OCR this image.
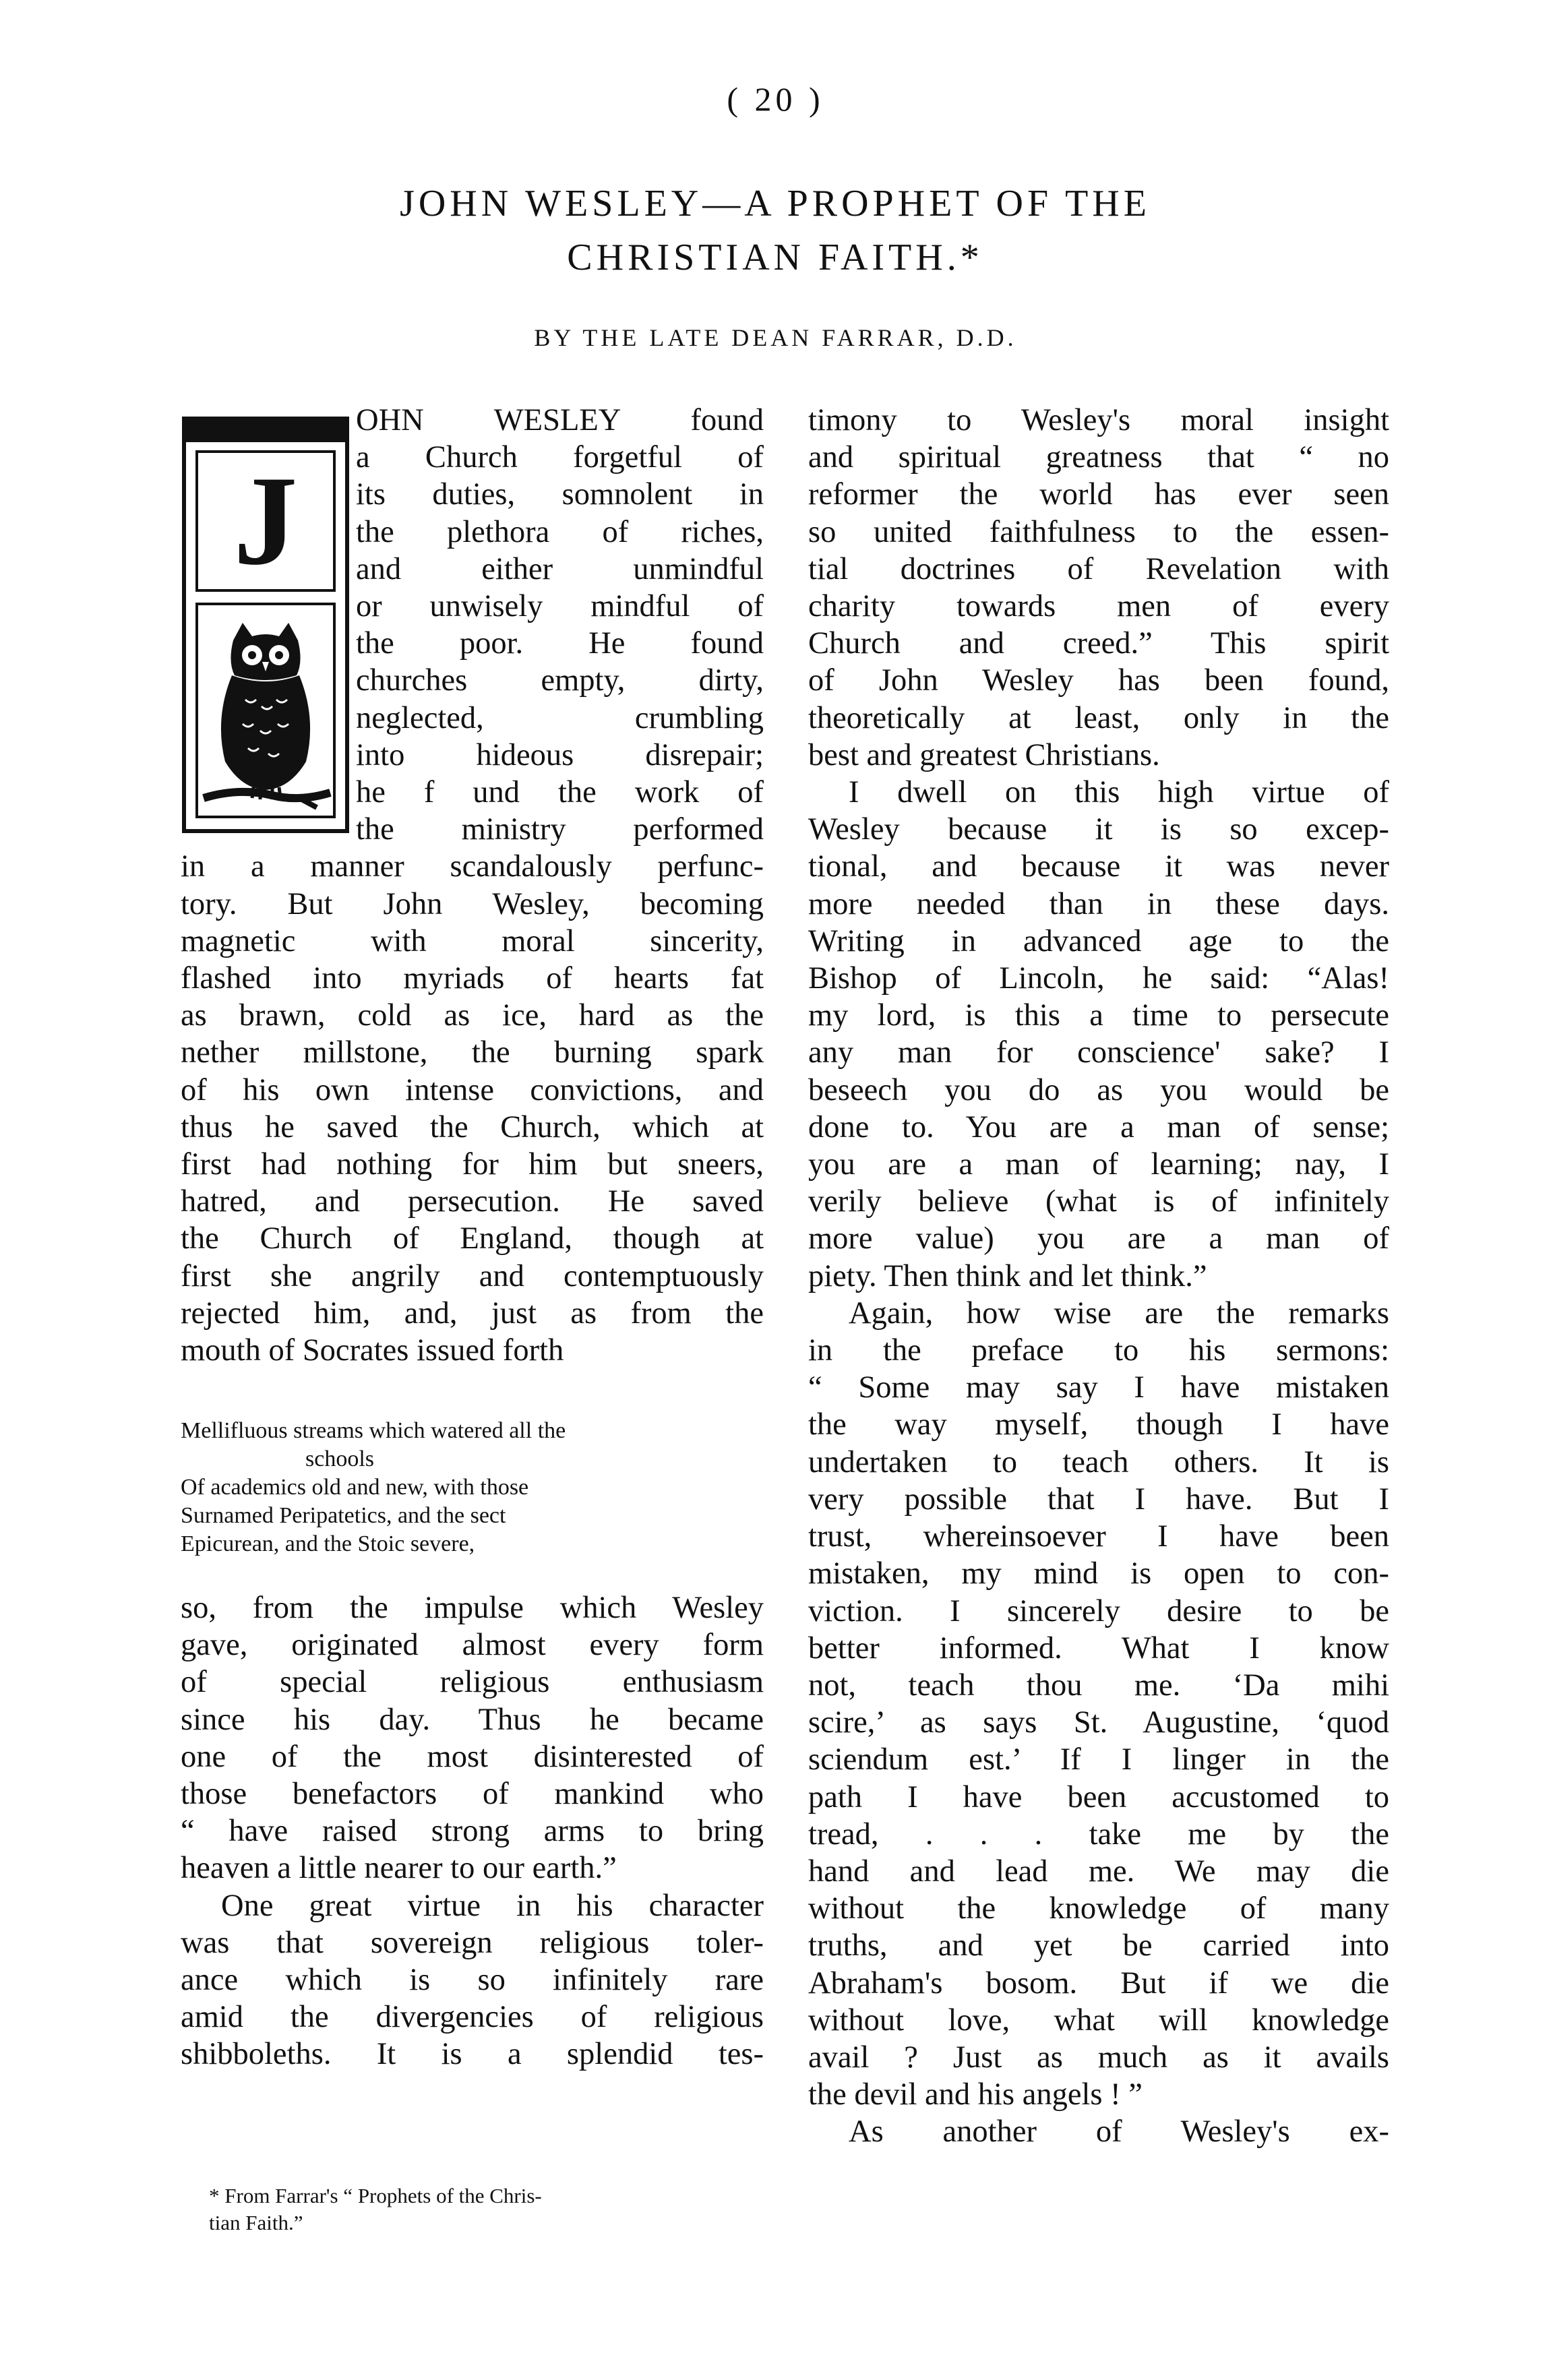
( 20 )
JOHN WESLEY—A PROPHET OF THE
CHRISTIAN FAITH.*
BY THE LATE DEAN FARRAR, D.D.
OHN WESLEY found
a Church forgetful of
its duties, somnolent in
the plethora of riches,
and either unmindful
or unwisely mindful of
the poor. He found
churches empty, dirty,
neglected, crumbling
into hideous disrepair;
he f und the work of
the ministry performed
in a manner scandalously perfunc-
tory. But John Wesley, becoming
magnetic with moral sincerity,
flashed into myriads of hearts fat
as brawn, cold as ice, hard as the
nether millstone, the burning spark
of his own intense convictions, and
thus he saved the Church, which at
first had nothing for him but sneers,
hatred, and persecution. He saved
the Church of England, though at
first she angrily and contemptuously
rejected him, and, just as from the
mouth of Socrates issued forth
J
Mellifluous streams which watered all the
schools
Of academics old and new, with those
Surnamed Peripatetics, and the sect
Epicurean, and the Stoic severe,
so, from the impulse which Wesley
gave, originated almost every form
of special religious enthusiasm
since his day. Thus he became
one of the most disinterested of
those benefactors of mankind who
“ have raised strong arms to bring
heaven a little nearer to our earth.”
One great virtue in his character
was that sovereign religious toler-
ance which is so infinitely rare
amid the divergencies of religious
shibboleths. It is a splendid tes-
* From Farrar's “ Prophets of the Chris-
tian Faith.”
timony to Wesley's moral insight
and spiritual greatness that “ no
reformer the world has ever seen
so united faithfulness to the essen-
tial doctrines of Revelation with
charity towards men of every
Church and creed.” This spirit
of John Wesley has been found,
theoretically at least, only in the
best and greatest Christians.
I dwell on this high virtue of
Wesley because it is so excep-
tional, and because it was never
more needed than in these days.
Writing in advanced age to the
Bishop of Lincoln, he said: “Alas!
my lord, is this a time to persecute
any man for conscience' sake? I
beseech you do as you would be
done to. You are a man of sense;
you are a man of learning; nay, I
verily believe (what is of infinitely
more value) you are a man of
piety. Then think and let think.”
Again, how wise are the remarks
in the preface to his sermons:
“ Some may say I have mistaken
the way myself, though I have
undertaken to teach others. It is
very possible that I have. But I
trust, whereinsoever I have been
mistaken, my mind is open to con-
viction. I sincerely desire to be
better informed. What I know
not, teach thou me. ‘Da mihi
scire,’ as says St. Augustine, ‘quod
sciendum est.’ If I linger in the
path I have been accustomed to
tread, . . . take me by the
hand and lead me. We may die
without the knowledge of many
truths, and yet be carried into
Abraham's bosom. But if we die
without love, what will knowledge
avail ? Just as much as it avails
the devil and his angels ! ”
As another of Wesley's ex-
